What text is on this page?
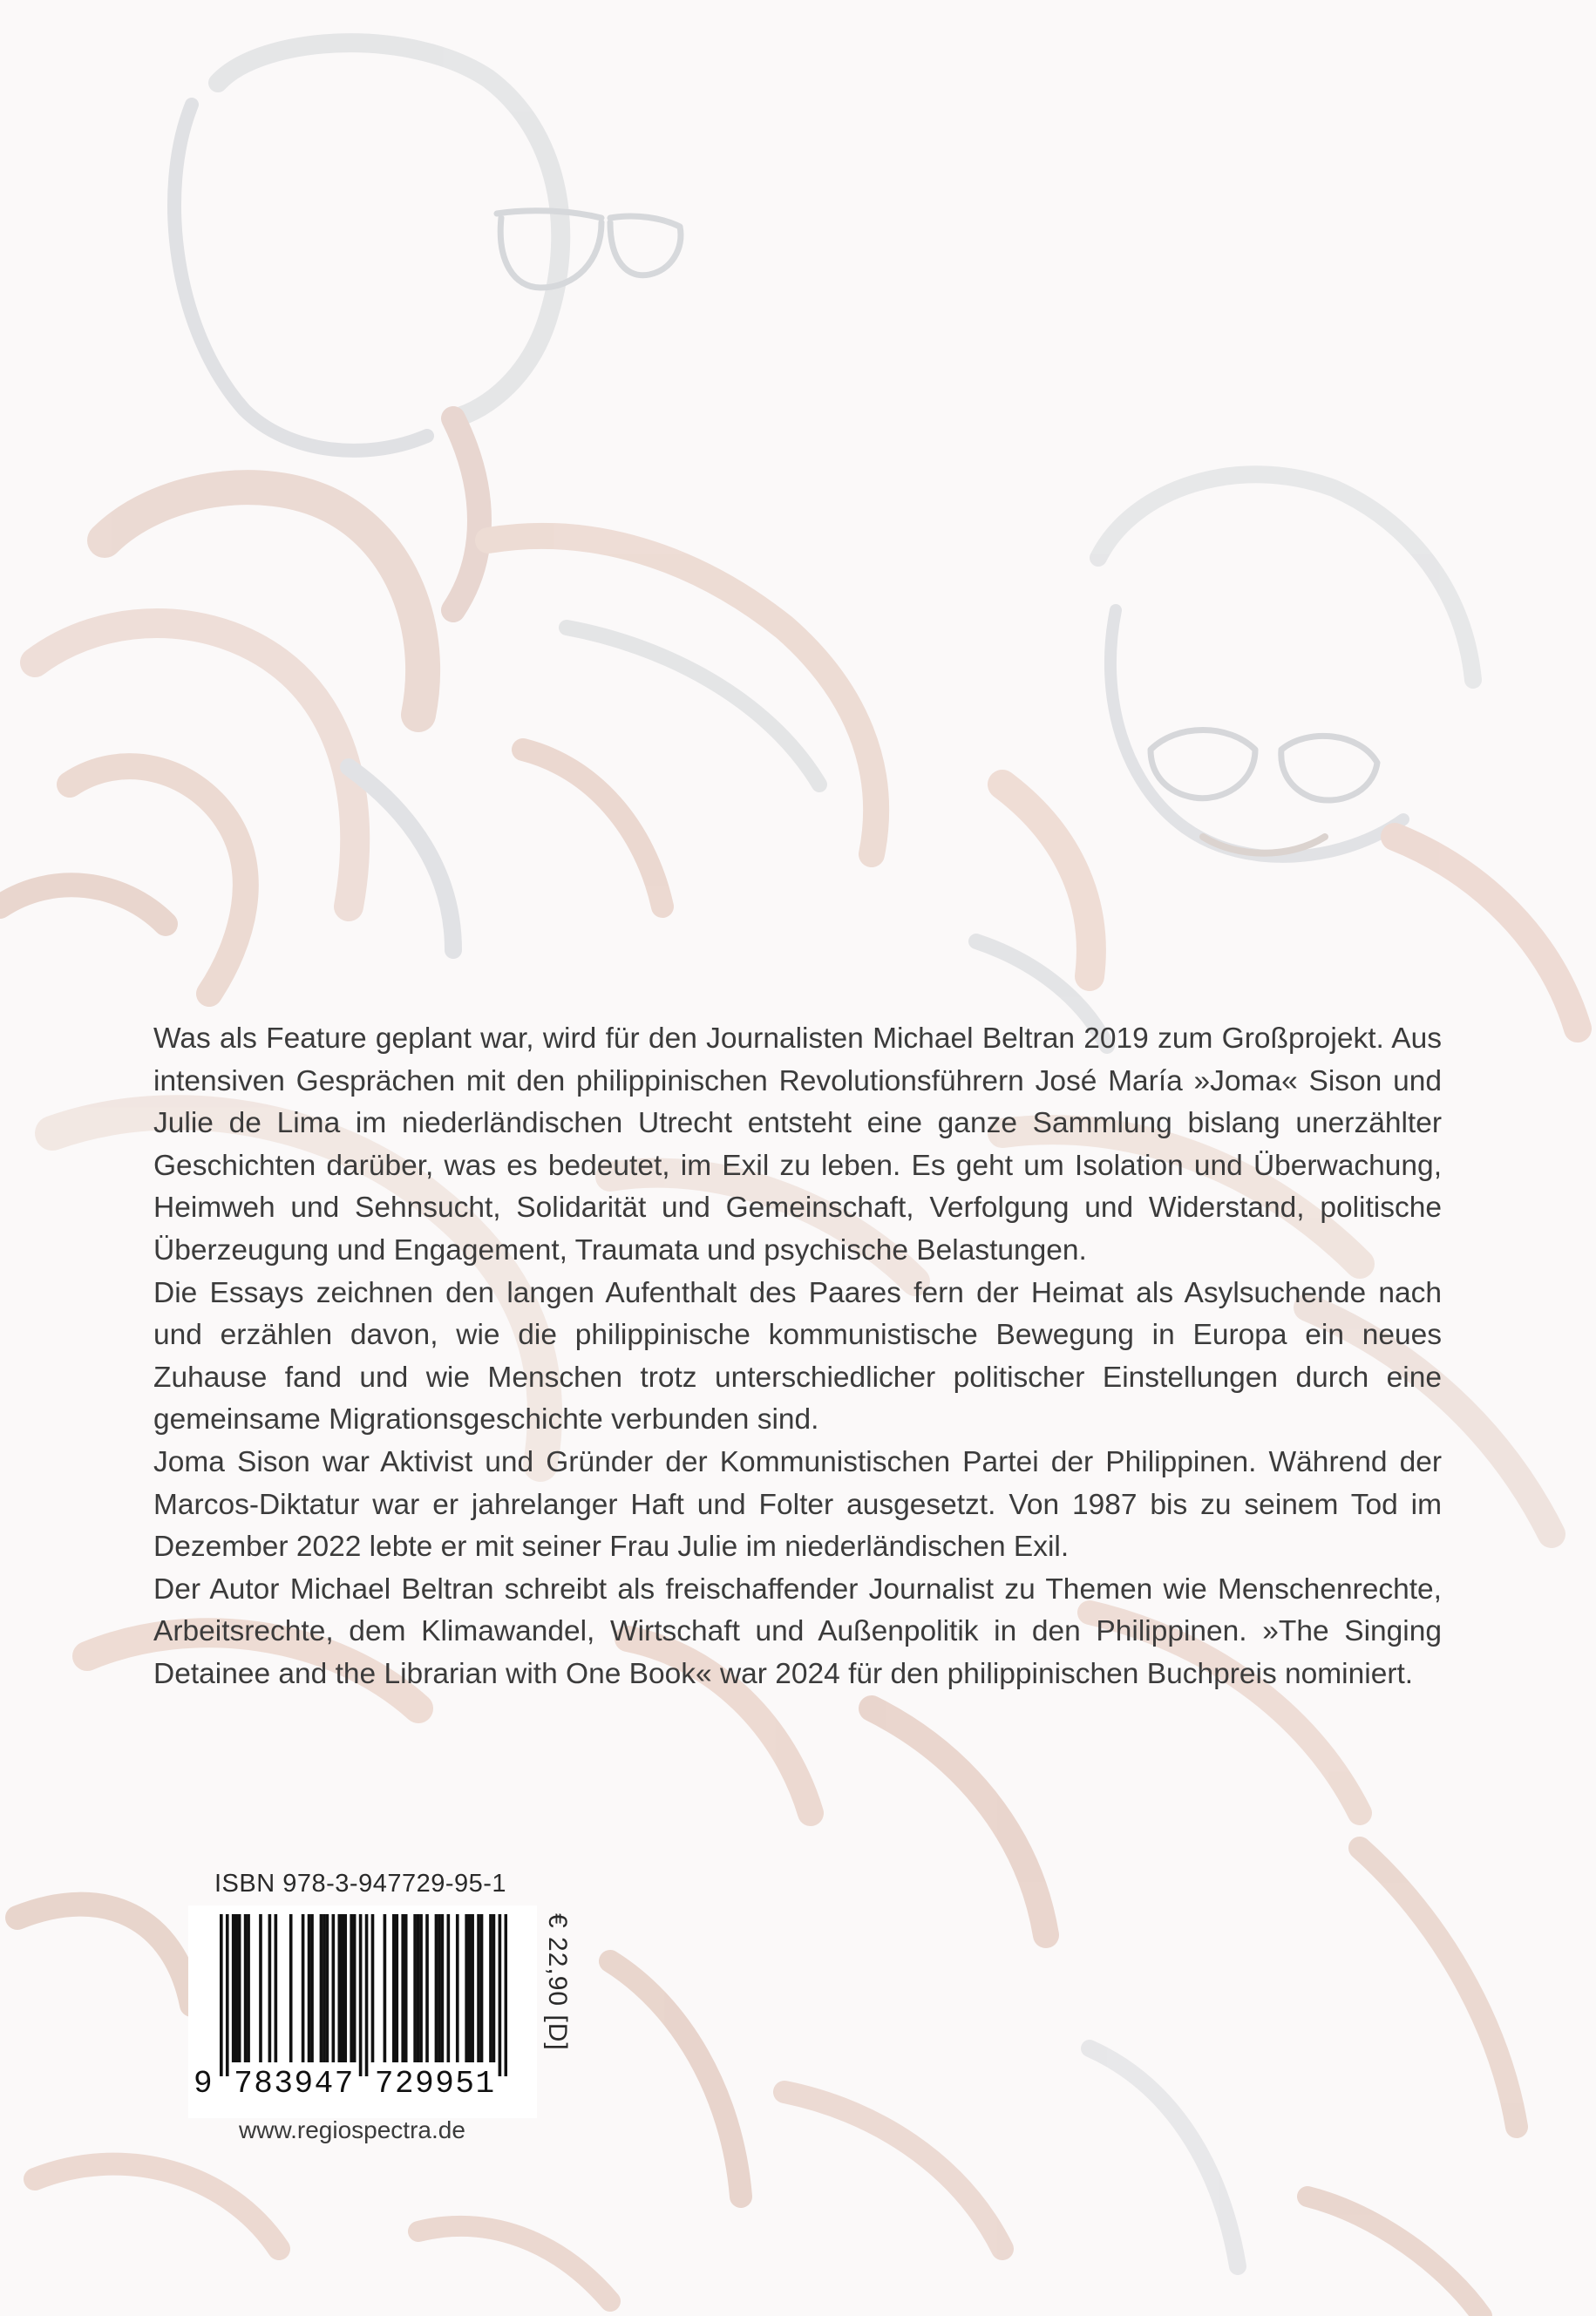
Was als Feature geplant war, wird für den Journalisten Michael Beltran 2019 zum Großprojekt. Aus intensiven Gesprächen mit den philippinischen Revolutionsführern José María »Joma« Sison und Julie de Lima im niederländischen Utrecht entsteht eine ganze Sammlung bislang unerzählter Geschichten darüber, was es bedeutet, im Exil zu leben. Es geht um Isolation und Überwachung, Heimweh und Sehnsucht, Solidarität und Gemeinschaft, Verfolgung und Widerstand, politische Überzeugung und Engagement, Traumata und psychische Belastungen.

Die Essays zeichnen den langen Aufenthalt des Paares fern der Heimat als Asylsuchende nach und erzählen davon, wie die philippinische kommunistische Bewegung in Europa ein neues Zuhause fand und wie Menschen trotz unterschiedlicher politischer Einstellungen durch eine gemeinsame Migrationsgeschichte verbunden sind.

Joma Sison war Aktivist und Gründer der Kommunistischen Partei der Philippinen. Während der Marcos-Diktatur war er jahrelanger Haft und Folter ausgesetzt. Von 1987 bis zu seinem Tod im Dezember 2022 lebte er mit seiner Frau Julie im niederländischen Exil.

Der Autor Michael Beltran schreibt als freischaffender Journalist zu Themen wie Menschenrechte, Arbeitsrechte, dem Klimawandel, Wirtschaft und Außenpolitik in den Philippinen. »The Singing Detainee and the Librarian with One Book« war 2024 für den philippinischen Buchpreis nominiert.

ISBN 978-3-947729-95-1
9 783947 729951
€ 22,90 [D]
www.regiospectra.de
